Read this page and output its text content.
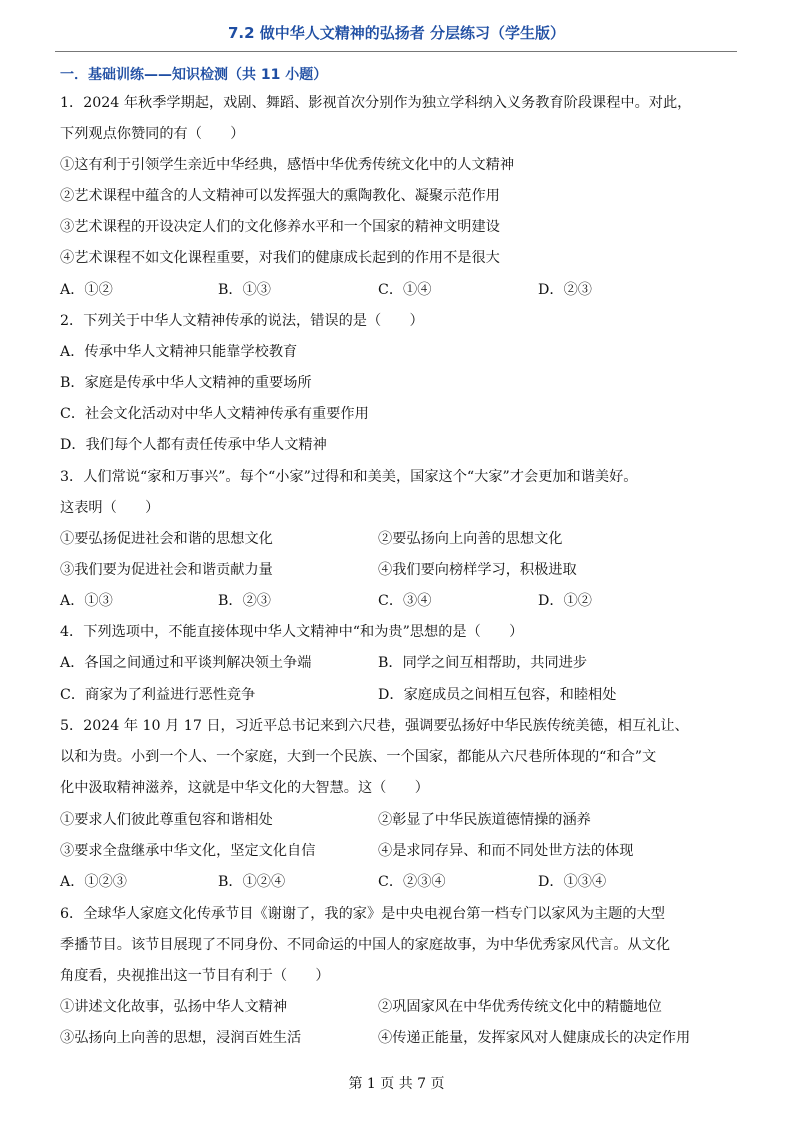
7.2 做中华人文精神的弘扬者 分层练习（学生版）
一．基础训练——知识检测（共 11 小题）
1．2024 年秋季学期起，戏剧、舞蹈、影视首次分别作为独立学科纳入义务教育阶段课程中。对此，
下列观点你赞同的有（　　）
①这有利于引领学生亲近中华经典，感悟中华优秀传统文化中的人文精神
②艺术课程中蕴含的人文精神可以发挥强大的熏陶教化、凝聚示范作用
③艺术课程的开设决定人们的文化修养水平和一个国家的精神文明建设
④艺术课程不如文化课程重要，对我们的健康成长起到的作用不是很大
A．①②	B．①③	C．①④	D．②③
2．下列关于中华人文精神传承的说法，错误的是（　　）
A．传承中华人文精神只能靠学校教育
B．家庭是传承中华人文精神的重要场所
C．社会文化活动对中华人文精神传承有重要作用
D．我们每个人都有责任传承中华人文精神
3．人们常说“家和万事兴”。每个“小家”过得和和美美，国家这个“大家”才会更加和谐美好。
这表明（　　）
①要弘扬促进社会和谐的思想文化	②要弘扬向上向善的思想文化
③我们要为促进社会和谐贡献力量	④我们要向榜样学习，积极进取
A．①③	B．②③	C．③④	D．①②
4．下列选项中，不能直接体现中华人文精神中“和为贵”思想的是（　　）
A．各国之间通过和平谈判解决领土争端	B．同学之间互相帮助，共同进步
C．商家为了利益进行恶性竞争	D．家庭成员之间相互包容，和睦相处
5．2024 年 10 月 17 日，习近平总书记来到六尺巷，强调要弘扬好中华民族传统美德，相互礼让、
以和为贵。小到一个人、一个家庭，大到一个民族、一个国家，都能从六尺巷所体现的“和合”文
化中汲取精神滋养，这就是中华文化的大智慧。这（　　）
①要求人们彼此尊重包容和谐相处	②彰显了中华民族道德情操的涵养
③要求全盘继承中华文化，坚定文化自信	④是求同存异、和而不同处世方法的体现
A．①②③	B．①②④	C．②③④	D．①③④
6．全球华人家庭文化传承节目《谢谢了，我的家》是中央电视台第一档专门以家风为主题的大型
季播节目。该节目展现了不同身份、不同命运的中国人的家庭故事，为中华优秀家风代言。从文化
角度看，央视推出这一节目有利于（　　）
①讲述文化故事，弘扬中华人文精神	②巩固家风在中华优秀传统文化中的精髓地位
③弘扬向上向善的思想，浸润百姓生活	④传递正能量，发挥家风对人健康成长的决定作用
第 1 页 共 7 页
